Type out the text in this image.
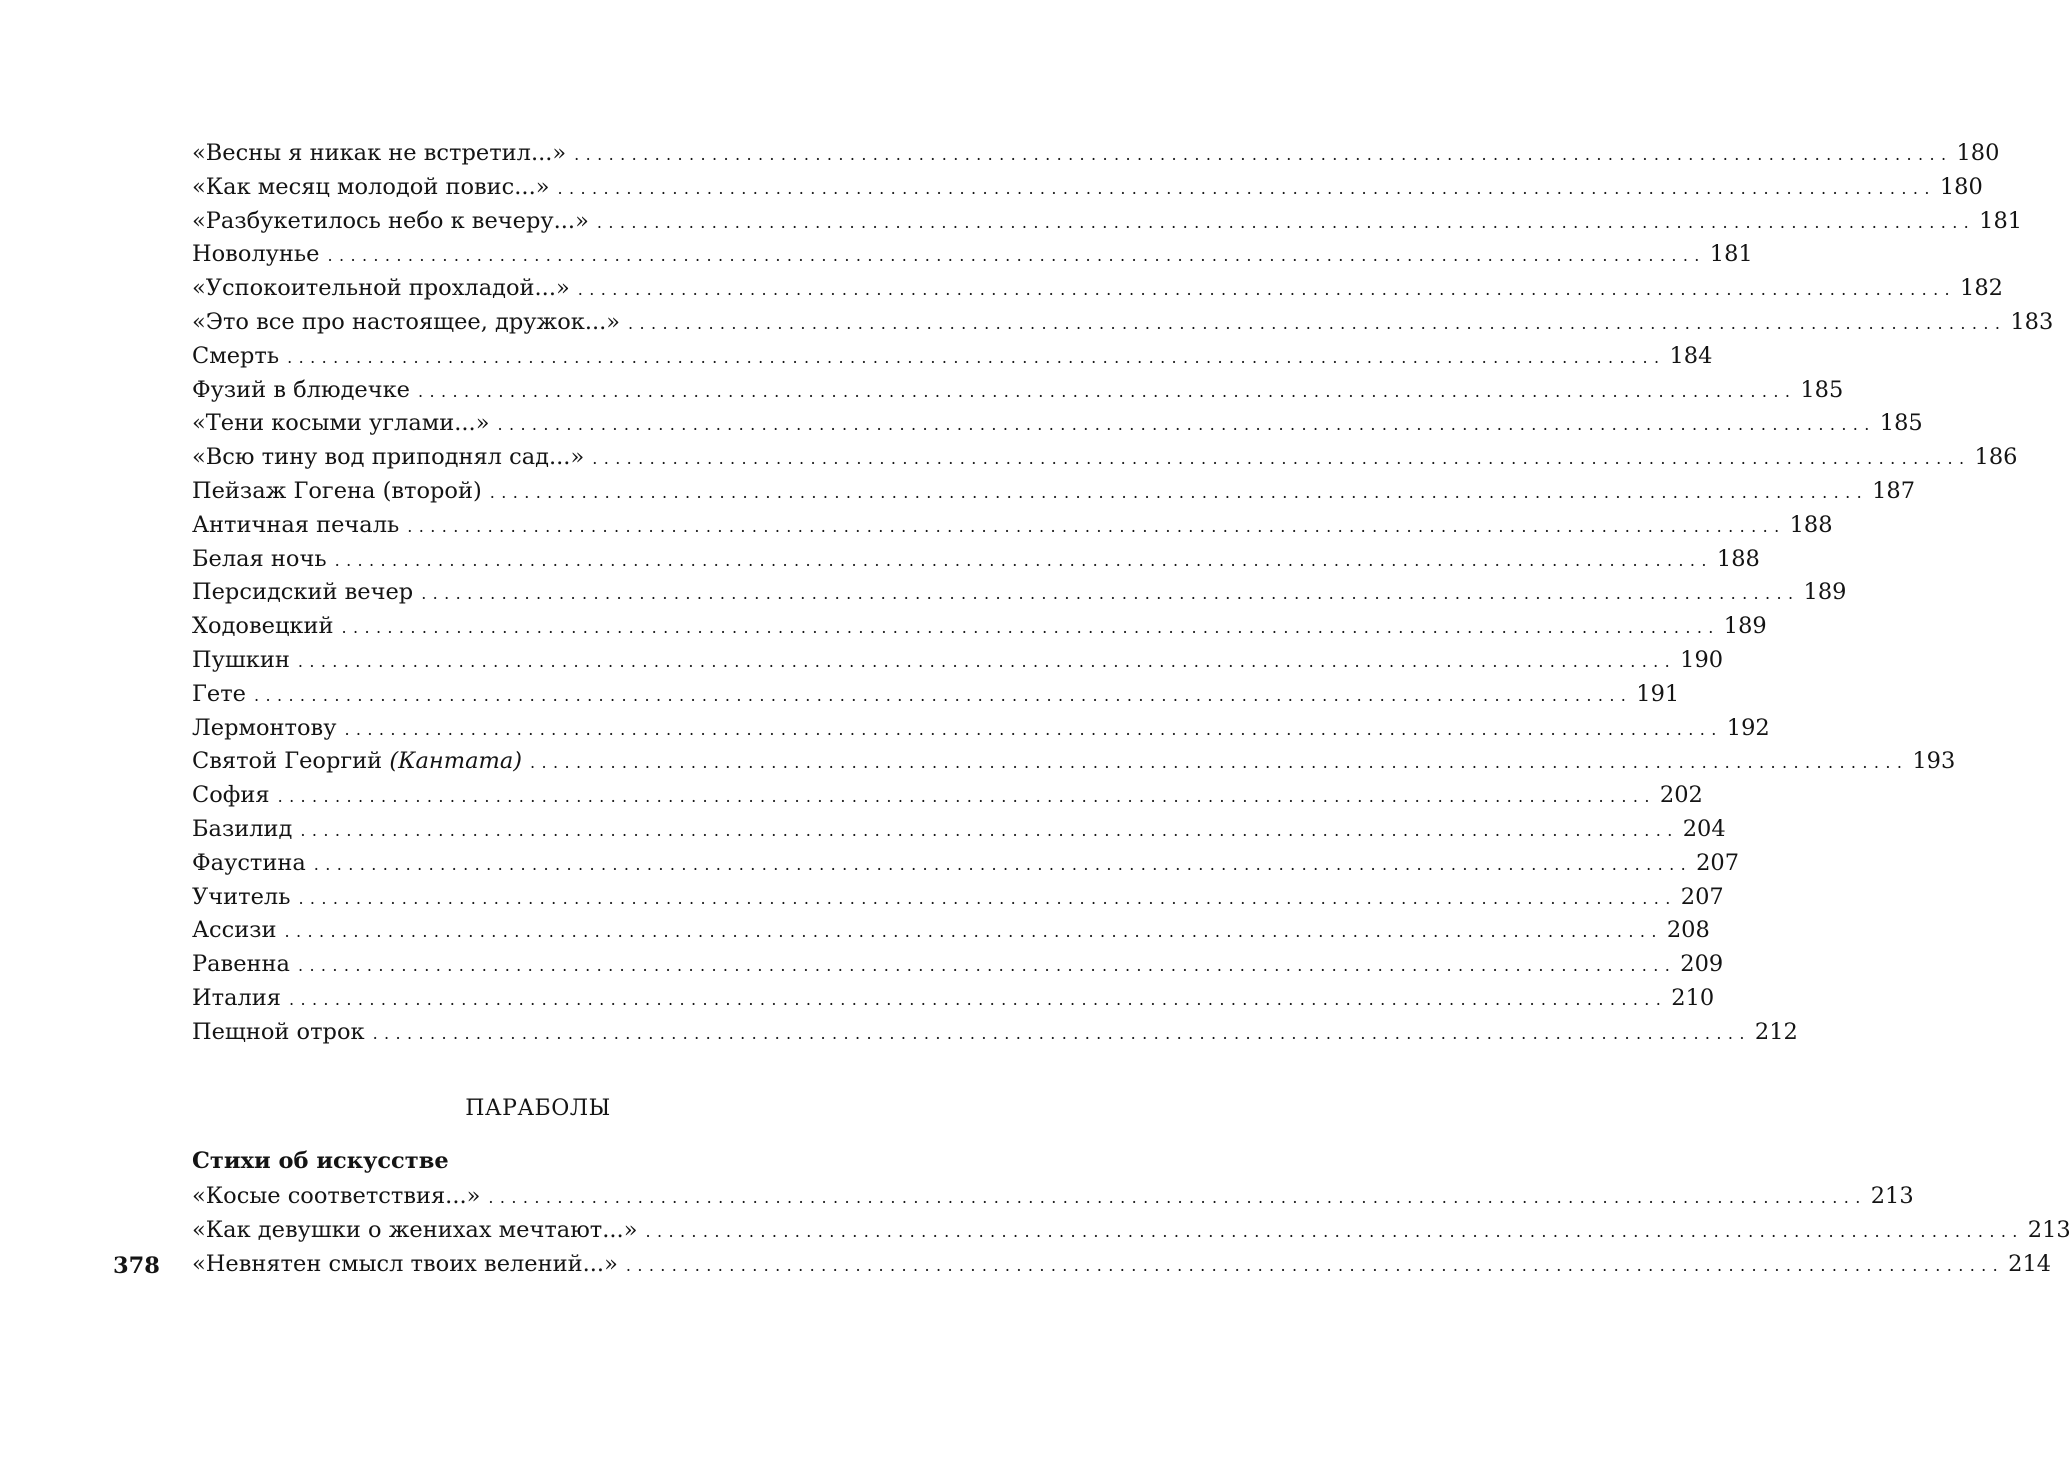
«Весны я никак не встретил...» ........................................................................................................................ 180
«Как месяц молодой повис...» ........................................................................................................................ 180
«Разбукетилось небо к вечеру...» ........................................................................................................................ 181
Новолунье ........................................................................................................................ 181
«Успокоительной прохладой...» ........................................................................................................................ 182
«Это все про настоящее, дружок...» ........................................................................................................................ 183
Смерть ........................................................................................................................ 184
Фузий в блюдечке ........................................................................................................................ 185
«Тени косыми углами...» ........................................................................................................................ 185
«Всю тину вод приподнял сад...» ........................................................................................................................ 186
Пейзаж Гогена (второй) ........................................................................................................................ 187
Античная печаль ........................................................................................................................ 188
Белая ночь ........................................................................................................................ 188
Персидский вечер ........................................................................................................................ 189
Ходовецкий ........................................................................................................................ 189
Пушкин ........................................................................................................................ 190
Гете ........................................................................................................................ 191
Лермонтову ........................................................................................................................ 192
Святой Георгий (Кантата) ........................................................................................................................ 193
София ........................................................................................................................ 202
Базилид ........................................................................................................................ 204
Фаустина ........................................................................................................................ 207
Учитель ........................................................................................................................ 207
Ассизи ........................................................................................................................ 208
Равенна ........................................................................................................................ 209
Италия ........................................................................................................................ 210
Пещной отрок ........................................................................................................................ 212
ПАРАБОЛЫ
Стихи об искусстве
«Косые соответствия...» ........................................................................................................................ 213
«Как девушки о женихах мечтают...» ........................................................................................................................ 213
«Невнятен смысл твоих велений...» ........................................................................................................................ 214
378
